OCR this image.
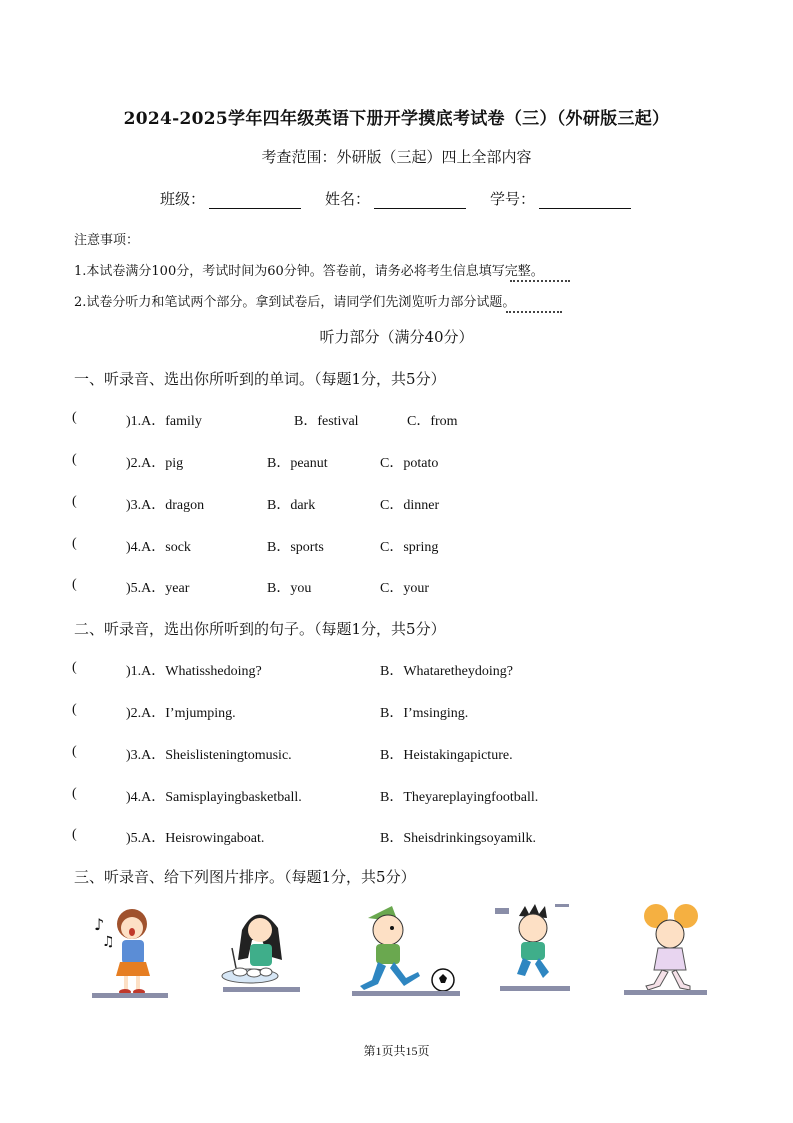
2024-2025学年四年级英语下册开学摸底考试卷（三）（外研版三起）
考查范围：外研版（三起）四上全部内容
班级：	姓名：	学号：
注意事项：
1.本试卷满分100分，考试时间为60分钟。答卷前，请务必将考生信息填写完整。
2.试卷分听力和笔试两个部分。拿到试卷后，请同学们先浏览听力部分试题。
听力部分（满分40分）
一、听录音、选出你所听到的单词。（每题1分，共5分）
(	)1.A．family	B．festival	C．from
(	)2.A．pig	B．peanut	C．potato
(	)3.A．dragon	B．dark	C．dinner
(	)4.A．sock	B．sports	C．spring
(	)5.A．year	B．you	C．your
二、听录音，选出你所听到的句子。（每题1分，共5分）
(	)1.A．Whatisshedoing?	B．Whataretheydoing?
(	)2.A．I’mjumping.	B．I’msinging.
(	)3.A．Sheislisteningtomusic.	B．Heistakingapicture.
(	)4.A．Samisplayingbasketball.	B．Theyareplayingfootball.
(	)5.A．Heisrowingaboat.	B．Sheisdrinkingsoyamilk.
三、听录音、给下列图片排序。（每题1分，共5分）
♪
♫
第1页共15页
